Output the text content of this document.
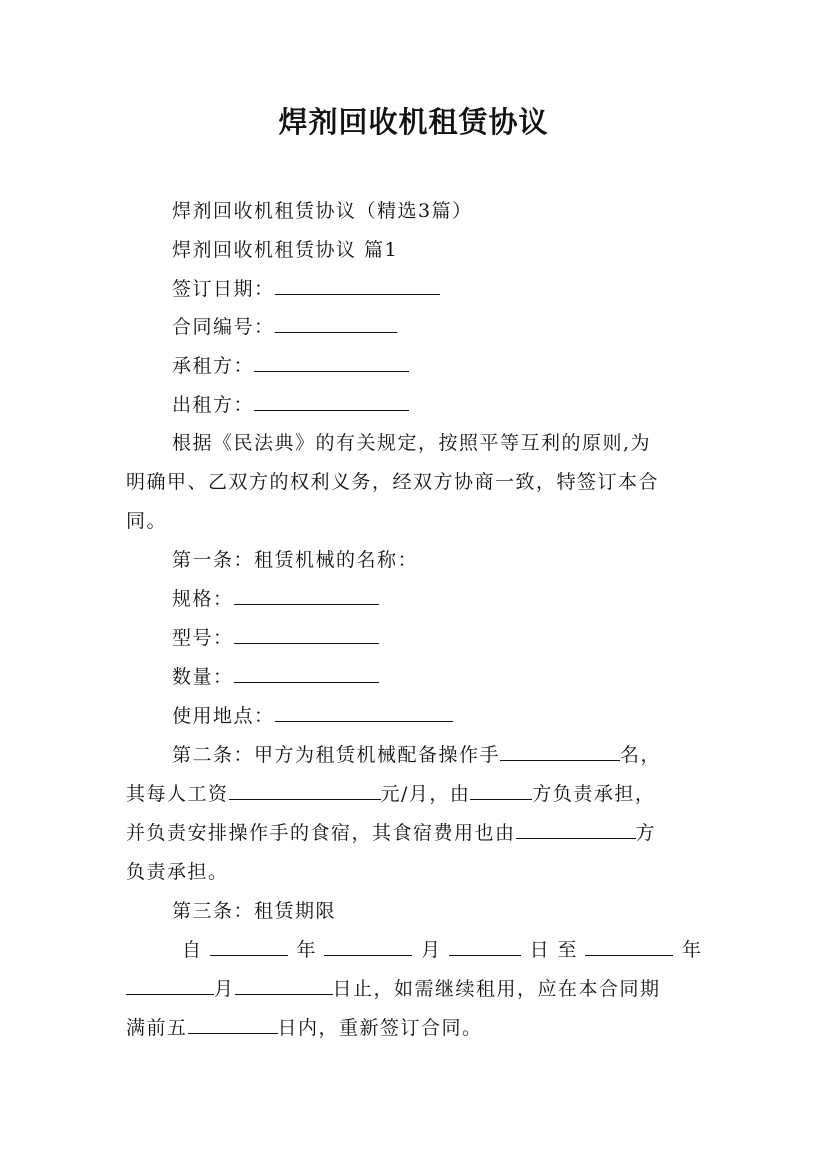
焊剂回收机租赁协议
焊剂回收机租赁协议（精选3篇）
焊剂回收机租赁协议 篇1
签订日期：
合同编号：
承租方：
出租方：
根据《民法典》的有关规定，按照平等互利的原则,为
明确甲、乙双方的权利义务，经双方协商一致，特签订本合
同。
第一条：租赁机械的名称：
规格：
型号：
数量：
使用地点：
第二条：甲方为租赁机械配备操作手	名，
其每人工资	元/月，由	方负责承担，
并负责安排操作手的食宿，其食宿费用也由	方
负责承担。
第三条：租赁期限
自	年	月	日 至	年
月	日止，如需继续租用，应在本合同期
满前五	日内，重新签订合同。
